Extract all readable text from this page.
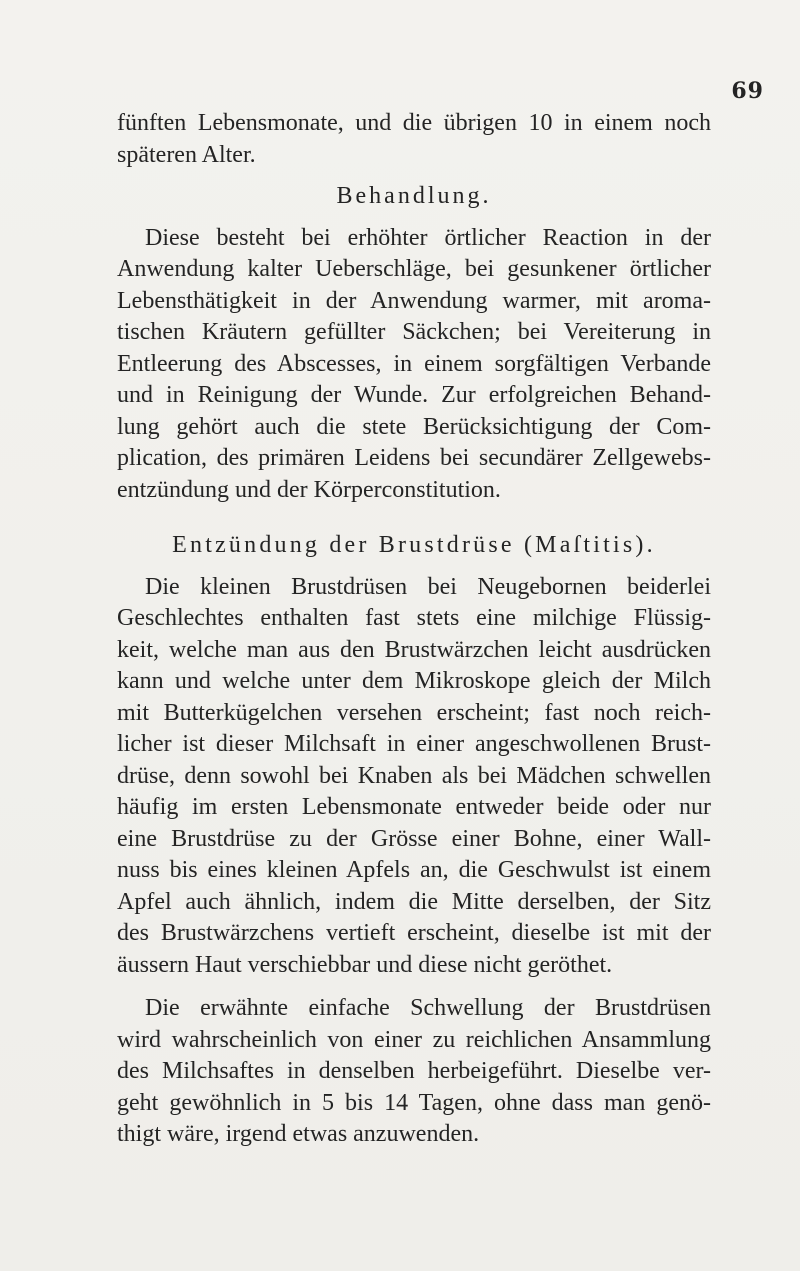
69
fünften Lebensmonate, und die übrigen 10 in einem noch
späteren Alter.
Behandlung.
Diese besteht bei erhöhter örtlicher Reaction in der
Anwendung kalter Ueberschläge, bei gesunkener örtlicher
Lebensthätigkeit in der Anwendung warmer, mit aroma-
tischen Kräutern gefüllter Säckchen; bei Vereiterung in
Entleerung des Abscesses, in einem sorgfältigen Verbande
und in Reinigung der Wunde. Zur erfolgreichen Behand-
lung gehört auch die stete Berücksichtigung der Com-
plication, des primären Leidens bei secundärer Zellgewebs-
entzündung und der Körperconstitution.
Entzündung der Brustdrüse (Maſtitis).
Die kleinen Brustdrüsen bei Neugebornen beiderlei
Geschlechtes enthalten fast stets eine milchige Flüssig-
keit, welche man aus den Brustwärzchen leicht ausdrücken
kann und welche unter dem Mikroskope gleich der Milch
mit Butterkügelchen versehen erscheint; fast noch reich-
licher ist dieser Milchsaft in einer angeschwollenen Brust-
drüse, denn sowohl bei Knaben als bei Mädchen schwellen
häufig im ersten Lebensmonate entweder beide oder nur
eine Brustdrüse zu der Grösse einer Bohne, einer Wall-
nuss bis eines kleinen Apfels an, die Geschwulst ist einem
Apfel auch ähnlich, indem die Mitte derselben, der Sitz
des Brustwärzchens vertieft erscheint, dieselbe ist mit der
äussern Haut verschiebbar und diese nicht geröthet.
Die erwähnte einfache Schwellung der Brustdrüsen
wird wahrscheinlich von einer zu reichlichen Ansammlung
des Milchsaftes in denselben herbeigeführt. Dieselbe ver-
geht gewöhnlich in 5 bis 14 Tagen, ohne dass man genö-
thigt wäre, irgend etwas anzuwenden.
